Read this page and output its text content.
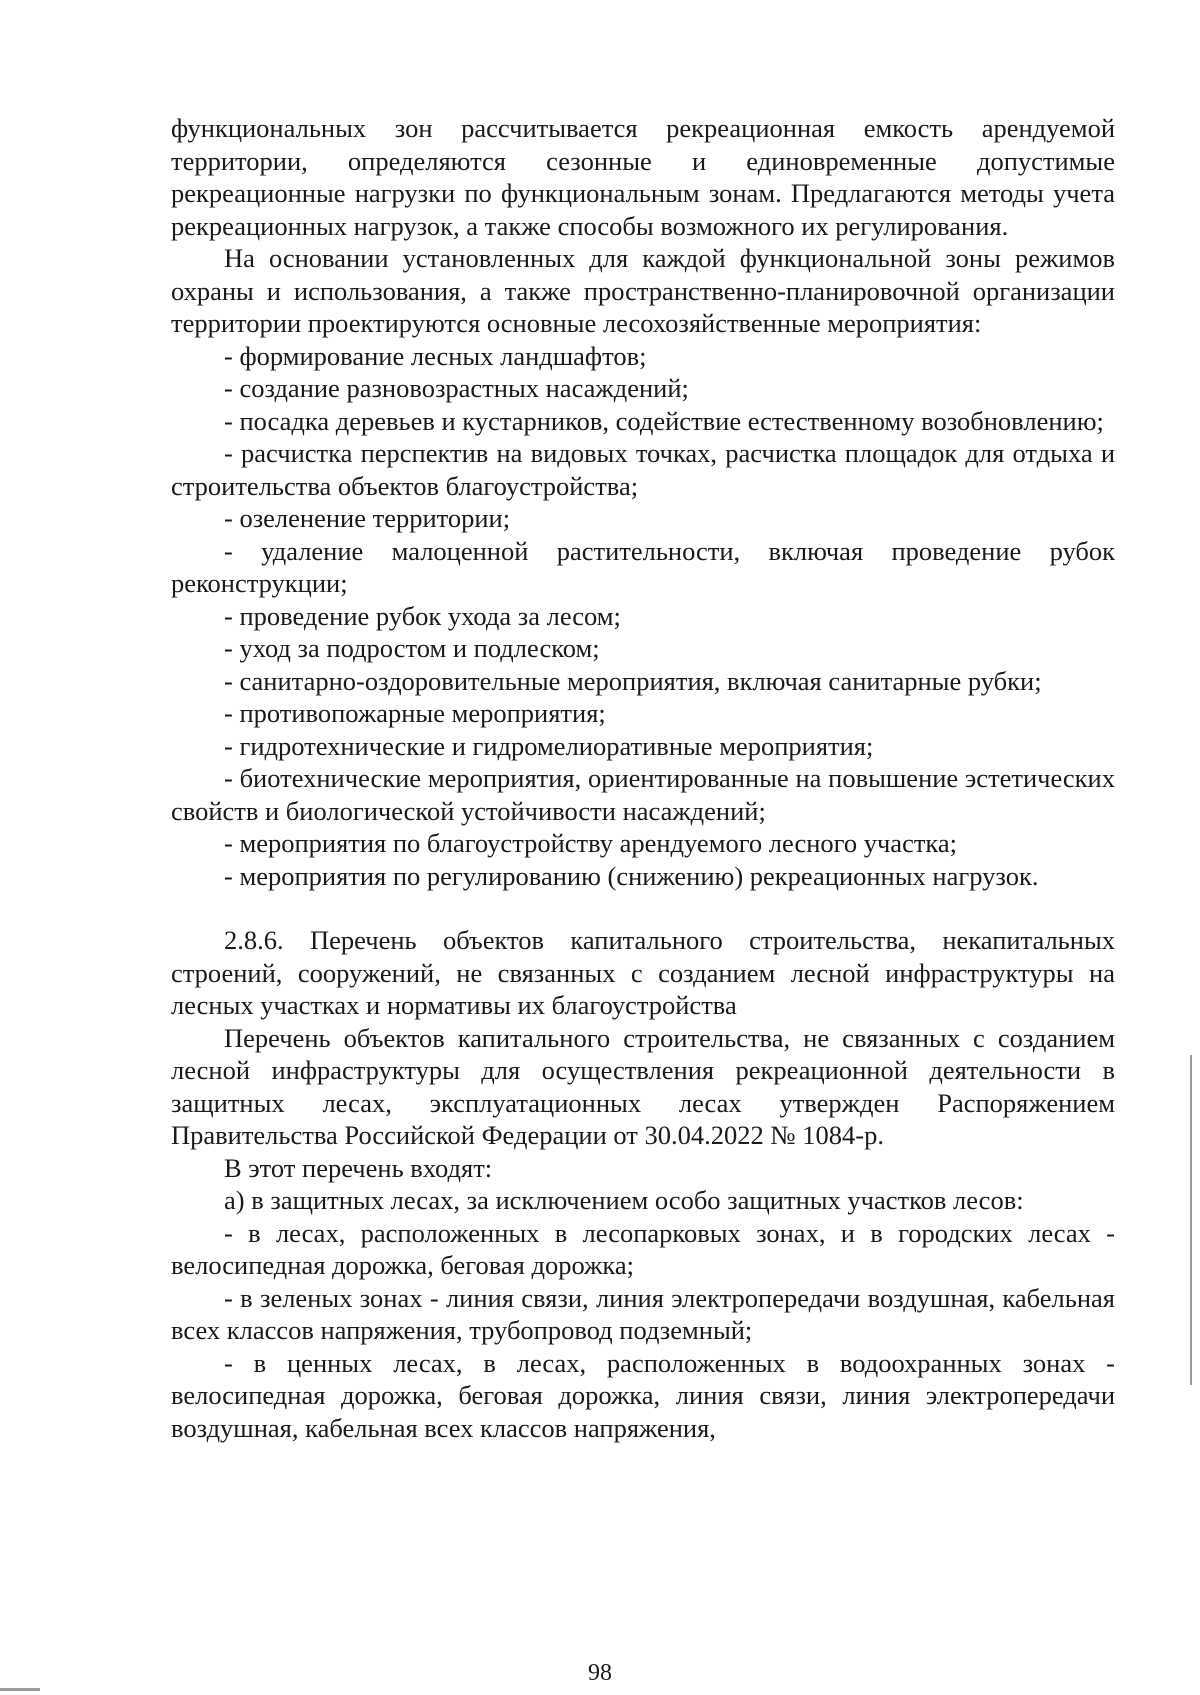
функциональных зон рассчитывается рекреационная емкость арендуемой территории, определяются сезонные и единовременные допустимые рекреационные нагрузки по функциональным зонам. Предлагаются методы учета рекреационных нагрузок, а также способы возможного их регулирования.

На основании установленных для каждой функциональной зоны режимов охраны и использования, а также пространственно-планировочной организации территории проектируются основные лесохозяйственные мероприятия:

- формирование лесных ландшафтов;

- создание разновозрастных насаждений;

- посадка деревьев и кустарников, содействие естественному возобновлению;

- расчистка перспектив на видовых точках, расчистка площадок для отдыха и строительства объектов благоустройства;

- озеленение территории;

- удаление малоценной растительности, включая проведение рубок реконструкции;

- проведение рубок ухода за лесом;

- уход за подростом и подлеском;

- санитарно-оздоровительные мероприятия, включая санитарные рубки;

- противопожарные мероприятия;

- гидротехнические и гидромелиоративные мероприятия;

- биотехнические мероприятия, ориентированные на повышение эстетических свойств и биологической устойчивости насаждений;

- мероприятия по благоустройству арендуемого лесного участка;

- мероприятия по регулированию (снижению) рекреационных нагрузок.

2.8.6. Перечень объектов капитального строительства, некапитальных строений, сооружений, не связанных с созданием лесной инфраструктуры на лесных участках и нормативы их благоустройства

Перечень объектов капитального строительства, не связанных с созданием лесной инфраструктуры для осуществления рекреационной деятельности в защитных лесах, эксплуатационных лесах утвержден Распоряжением Правительства Российской Федерации от 30.04.2022 № 1084-р.

В этот перечень входят:

а) в защитных лесах, за исключением особо защитных участков лесов:

- в лесах, расположенных в лесопарковых зонах, и в городских лесах - велосипедная дорожка, беговая дорожка;

- в зеленых зонах - линия связи, линия электропередачи воздушная, кабельная всех классов напряжения, трубопровод подземный;

- в ценных лесах, в лесах, расположенных в водоохранных зонах - велосипедная дорожка, беговая дорожка, линия связи, линия электропередачи воздушная, кабельная всех классов напряжения,

98
